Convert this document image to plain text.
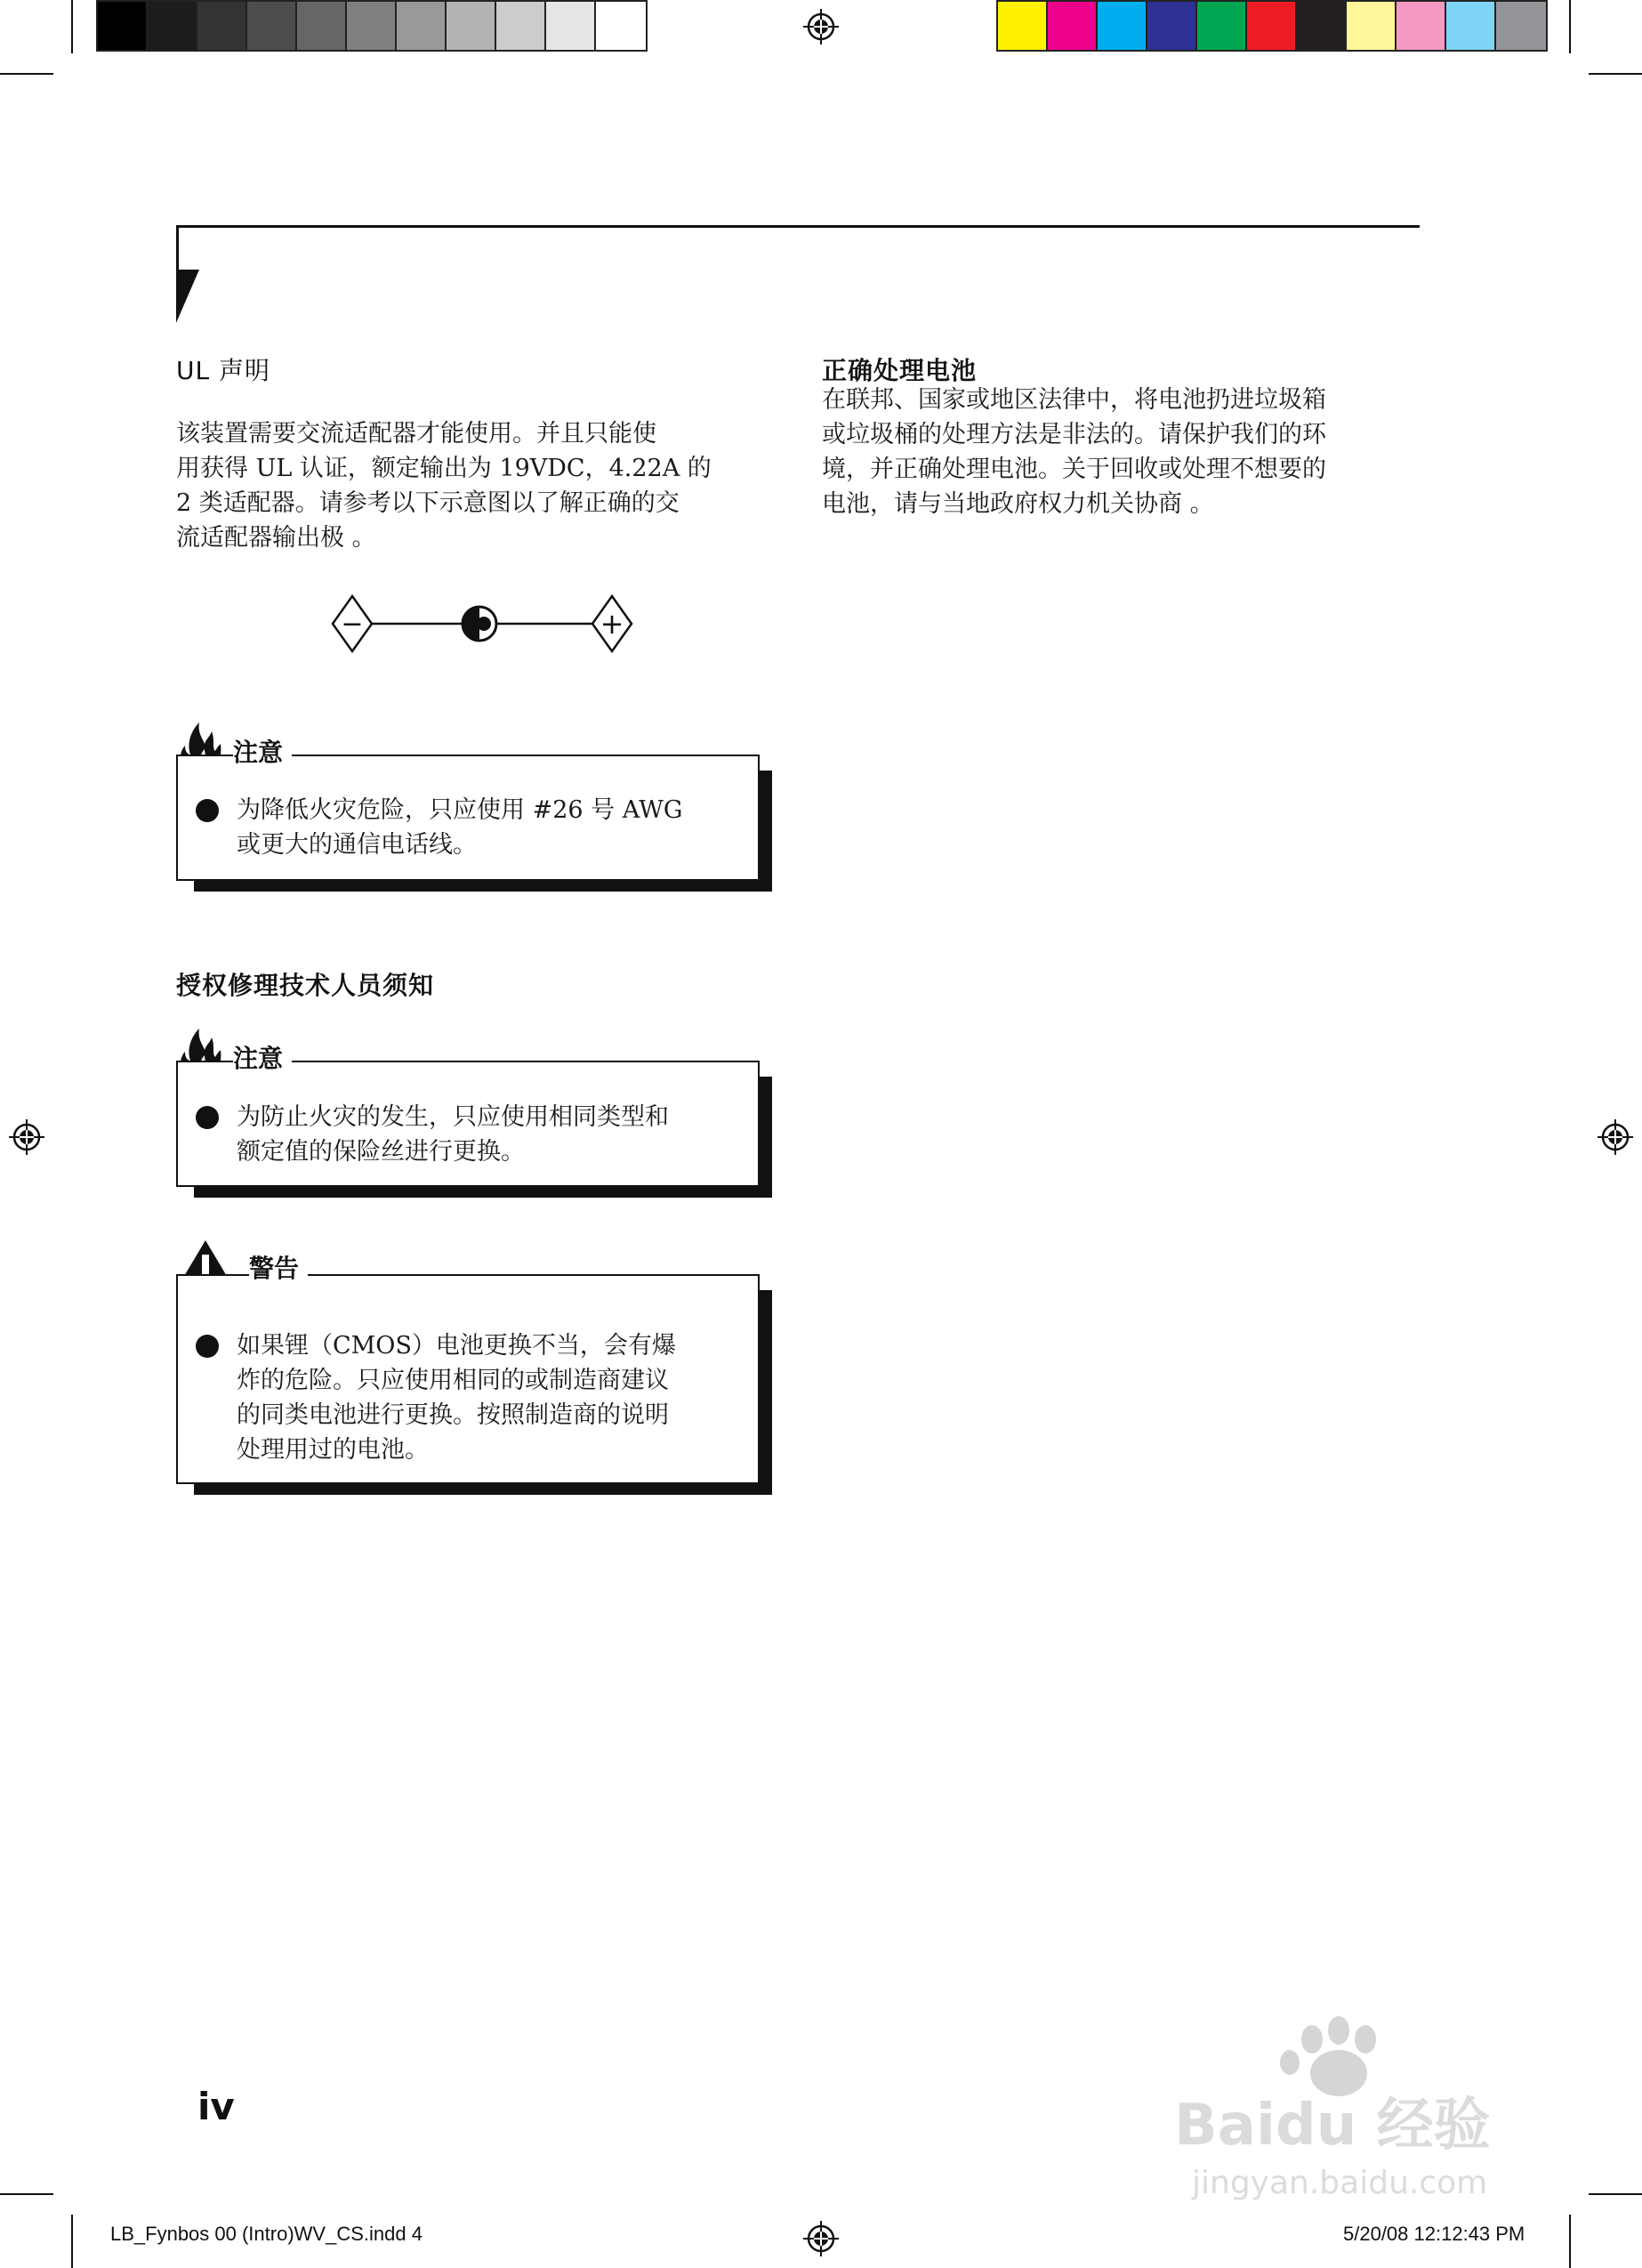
UL 声明
该装置需要交流适配器才能使用。并且只能使
用获得 UL 认证，额定输出为 19VDC，4.22A 的
2 类适配器。请参考以下示意图以了解正确的交
流适配器输出极 。
−	+
注意
为降低火灾危险，只应使用 #26 号 AWG
或更大的通信电话线。
授权修理技术人员须知
注意
为防止火灾的发生，只应使用相同类型和
额定值的保险丝进行更换。
警告
如果锂（CMOS）电池更换不当，会有爆
炸的危险。只应使用相同的或制造商建议
的同类电池进行更换。按照制造商的说明
处理用过的电池。
正确处理电池
在联邦、国家或地区法律中，将电池扔进垃圾箱
或垃圾桶的处理方法是非法的。请保护我们的环
境，并正确处理电池。关于回收或处理不想要的
电池，请与当地政府权力机关协商 。
iv	Baidu 经验
jingyan.baidu.com
LB_Fynbos 00 (Intro)WV_CS.indd 4	5/20/08 12:12:43 PM
